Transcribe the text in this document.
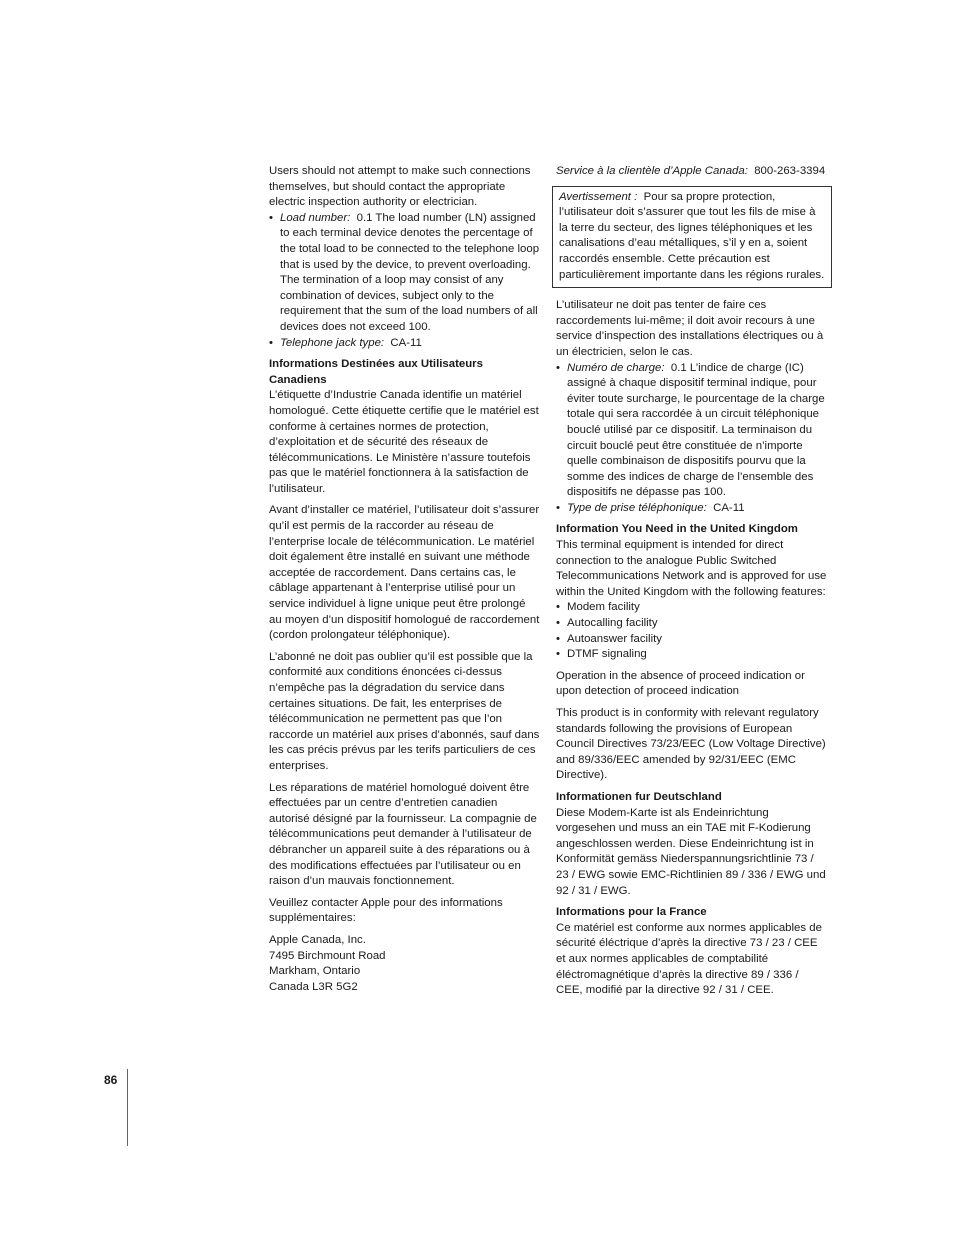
Users should not attempt to make such connections themselves, but should contact the appropriate electric inspection authority or electrician.

• Load number: 0.1 The load number (LN) assigned to each terminal device denotes the percentage of the total load to be connected to the telephone loop that is used by the device, to prevent overloading. The termination of a loop may consist of any combination of devices, subject only to the requirement that the sum of the load numbers of all devices does not exceed 100.
• Telephone jack type: CA-11
Informations Destinées aux Utilisateurs Canadiens

L’étiquette d’Industrie Canada identifie un matériel homologué. Cette étiquette certifie que le matériel est conforme à certaines normes de protection, d’exploitation et de sécurité des réseaux de télécommunications. Le Ministère n’assure toutefois pas que le matériel fonctionnera à la satisfaction de l’utilisateur.

Avant d’installer ce matériel, l’utilisateur doit s’assurer qu’il est permis de la raccorder au réseau de l’enterprise locale de télécommunication. Le matériel doit également être installé en suivant une méthode acceptée de raccordement. Dans certains cas, le câblage appartenant à l’enterprise utilisé pour un service individuel à ligne unique peut être prolongé au moyen d’un dispositif homologué de raccordement (cordon prolongateur téléphonique).

L’abonné ne doit pas oublier qu’il est possible que la conformité aux conditions énoncées ci-dessus n’empêche pas la dégradation du service dans certaines situations. De fait, les enterprises de télécommunication ne permettent pas que l’on raccorde un matériel aux prises d’abonnés, sauf dans les cas précis prévus par les terifs particuliers de ces enterprises.

Les réparations de matériel homologué doivent être effectuées par un centre d’entretien canadien autorisé désigné par la fournisseur. La compagnie de télécommunications peut demander à l’utilisateur de débrancher un appareil suite à des réparations ou à des modifications effectuées par l’utilisateur ou en raison d’un mauvais fonctionnement.

Veuillez contacter Apple pour des informations supplémentaires:

Apple Canada, Inc.
7495 Birchmount Road
Markham, Ontario
Canada L3R 5G2

Service à la clientèle d’Apple Canada: 800-263-3394

Avertissement : Pour sa propre protection, l’utilisateur doit s’assurer que tout les fils de mise à la terre du secteur, des lignes téléphoniques et les canalisations d’eau métalliques, s’il y en a, soient raccordés ensemble. Cette précaution est particulièrement importante dans les régions rurales.

L’utilisateur ne doit pas tenter de faire ces raccordements lui-même; il doit avoir recours à une service d’inspection des installations électriques ou à un électricien, selon le cas.

• Numéro de charge: 0.1 L’indice de charge (IC) assigné à chaque dispositif terminal indique, pour éviter toute surcharge, le pourcentage de la charge totale qui sera raccordée à un circuit téléphonique bouclé utilisé par ce dispositif. La terminaison du circuit bouclé peut être constituée de n’importe quelle combinaison de dispositifs pourvu que la somme des indices de charge de l’ensemble des dispositifs ne dépasse pas 100.
• Type de prise téléphonique: CA-11
Information You Need in the United Kingdom

This terminal equipment is intended for direct connection to the analogue Public Switched Telecommunications Network and is approved for use within the United Kingdom with the following features:

• Modem facility
• Autocalling facility
• Autoanswer facility
• DTMF signaling

Operation in the absence of proceed indication or upon detection of proceed indication

This product is in conformity with relevant regulatory standards following the provisions of European Council Directives 73/23/EEC (Low Voltage Directive) and 89/336/EEC amended by 92/31/EEC (EMC Directive).

Informationen fur Deutschland

Diese Modem-Karte ist als Endeinrichtung vorgesehen und muss an ein TAE mit F-Kodierung angeschlossen werden. Diese Endeinrichtung ist in Konformität gemäss Niederspannungsrichtlinie 73 / 23 / EWG sowie EMC-Richtlinien 89 / 336 / EWG und 92 / 31 / EWG.

Informations pour la France

Ce matériel est conforme aux normes applicables de sécurité éléctrique d’après la directive 73 / 23 / CEE et aux normes applicables de comptabilité éléctromagnétique d’après la directive 89 / 336 / CEE, modifié par la directive 92 / 31 / CEE.

86
